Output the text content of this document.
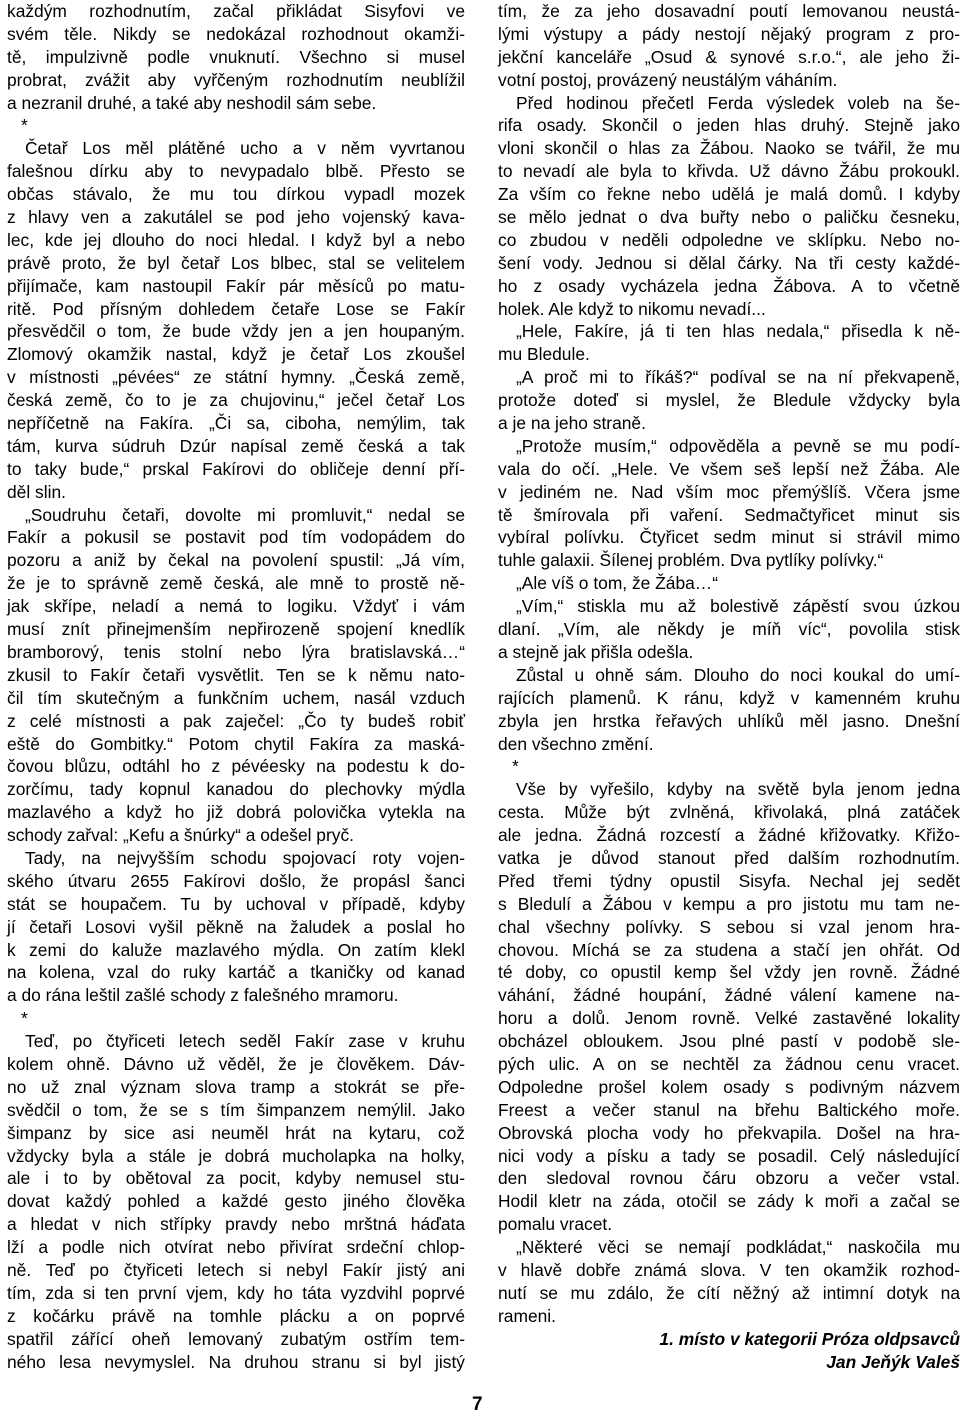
každým rozhodnutím, začal přikládat Sisyfovi ve
svém těle. Nikdy se nedokázal rozhodnout okamži-
tě, impulzivně podle vnuknutí. Všechno si musel
probrat, zvážit aby vyřčeným rozhodnutím neublížil
a nezranil druhé, a také aby neshodil sám sebe.
*
Četař Los měl plátěné ucho a v něm vyvrtanou
falešnou dírku aby to nevypadalo blbě. Přesto se
občas stávalo, že mu tou dírkou vypadl mozek
z hlavy ven a zakutálel se pod jeho vojenský kava-
lec, kde jej dlouho do noci hledal. I když byl a nebo
právě proto, že byl četař Los blbec, stal se velitelem
přijímače, kam nastoupil Fakír pár měsíců po matu-
ritě. Pod přísným dohledem četaře Lose se Fakír
přesvědčil o tom, že bude vždy jen a jen houpaným.
Zlomový okamžik nastal, když je četař Los zkoušel
v místnosti „pévées“ ze státní hymny. „Česká země,
česká země, čo to je za chujovinu,“ ječel četař Los
nepříčetně na Fakíra. „Či sa, ciboha, nemýlim, tak
tám, kurva súdruh Dzúr napísal země česká a tak
to taky bude,“ prskal Fakírovi do obličeje denní pří-
děl slin.
„Soudruhu četaři, dovolte mi promluvit,“ nedal se
Fakír a pokusil se postavit pod tím vodopádem do
pozoru a aniž by čekal na povolení spustil: „Já vím,
že je to správně země česká, ale mně to prostě ně-
jak skřípe, neladí a nemá to logiku. Vždyť i vám
musí znít přinejmenším nepřirozeně spojení knedlík
bramborový, tenis stolní nebo lýra bratislavská…“
zkusil to Fakír četaři vysvětlit. Ten se k němu nato-
čil tím skutečným a funkčním uchem, nasál vzduch
z celé místnosti a pak zaječel: „Čo ty budeš robiť
eště do Gombitky.“ Potom chytil Fakíra za maská-
čovou blůzu, odtáhl ho z pévéesky na podestu k do-
zorčímu, tady kopnul kanadou do plechovky mýdla
mazlavého a když ho již dobrá polovička vytekla na
schody zařval: „Kefu a šnúrky“ a odešel pryč.
Tady, na nejvyšším schodu spojovací roty vojen-
ského útvaru 2655 Fakírovi došlo, že propásl šanci
stát se houpačem. Tu by uchoval v případě, kdyby
jí četaři Losovi vyšil pěkně na žaludek a poslal ho
k zemi do kaluže mazlavého mýdla. On zatím klekl
na kolena, vzal do ruky kartáč a tkaničky od kanad
a do rána leštil zašlé schody z falešného mramoru.
*
Teď, po čtyřiceti letech seděl Fakír zase v kruhu
kolem ohně. Dávno už věděl, že je člověkem. Dáv-
no už znal význam slova tramp a stokrát se pře-
svědčil o tom, že se s tím šimpanzem nemýlil. Jako
šimpanz by sice asi neuměl hrát na kytaru, což
vždycky byla a stále je dobrá mucholapka na holky,
ale i to by obětoval za pocit, kdyby nemusel stu-
dovat každý pohled a každé gesto jiného člověka
a hledat v nich střípky pravdy nebo mrštná háďata
lží a podle nich otvírat nebo přivírat srdeční chlop-
ně. Teď po čtyřiceti letech si nebyl Fakír jistý ani
tím, zda si ten první vjem, kdy ho táta vyzdvihl poprvé
z kočárku právě na tomhle plácku a on poprvé
spatřil zářící oheň lemovaný zubatým ostřím tem-
ného lesa nevymyslel. Na druhou stranu si byl jistý
tím, že za jeho dosavadní poutí lemovanou neustá-
lými výstupy a pády nestojí nějaký program z pro-
jekční kanceláře „Osud & synové s.r.o.“, ale jeho ži-
votní postoj, provázený neustálým váháním.
Před hodinou přečetl Ferda výsledek voleb na še-
rifa osady. Skončil o jeden hlas druhý. Stejně jako
vloni skončil o hlas za Žábou. Naoko se tvářil, že mu
to nevadí ale byla to křivda. Už dávno Žábu prokoukl.
Za vším co řekne nebo udělá je malá domů. I kdyby
se mělo jednat o dva buřty nebo o paličku česneku,
co zbudou v neděli odpoledne ve sklípku. Nebo no-
šení vody. Jednou si dělal čárky. Na tři cesty každé-
ho z osady vycházela jedna Žábova. A to včetně
holek. Ale když to nikomu nevadí...
„Hele, Fakíre, já ti ten hlas nedala,“ přisedla k ně-
mu Bledule.
„A proč mi to říkáš?“ podíval se na ní překvapeně,
protože doteď si myslel, že Bledule vždycky byla
a je na jeho straně.
„Protože musím,“ odpověděla a pevně se mu podí-
vala do očí. „Hele. Ve všem seš lepší než Žába. Ale
v jediném ne. Nad vším moc přemýšlíš. Včera jsme
tě šmírovala při vaření. Sedmačtyřicet minut sis
vybíral polívku. Čtyřicet sedm minut si strávil mimo
tuhle galaxii. Šílenej problém. Dva pytlíky polívky.“
„Ale víš o tom, že Žába…“
„Vím,“ stiskla mu až bolestivě zápěstí svou úzkou
dlaní. „Vím, ale někdy je míň víc“, povolila stisk
a stejně jak přišla odešla.
Zůstal u ohně sám. Dlouho do noci koukal do umí-
rajících plamenů. K ránu, když v kamenném kruhu
zbyla jen hrstka řeřavých uhlíků měl jasno. Dnešní
den všechno změní.
*
Vše by vyřešilo, kdyby na světě byla jenom jedna
cesta. Může být zvlněná, křivolaká, plná zatáček
ale jedna. Žádná rozcestí a žádné křižovatky. Křižo-
vatka je důvod stanout před dalším rozhodnutím.
Před třemi týdny opustil Sisyfa. Nechal jej sedět
s Bledulí a Žábou v kempu a pro jistotu mu tam ne-
chal všechny polívky. S sebou si vzal jenom hra-
chovou. Míchá se za studena a stačí jen ohřát. Od
té doby, co opustil kemp šel vždy jen rovně. Žádné
váhání, žádné houpání, žádné válení kamene na-
horu a dolů. Jenom rovně. Velké zastavěné lokality
obcházel obloukem. Jsou plné pastí v podobě sle-
pých ulic. A on se nechtěl za žádnou cenu vracet.
Odpoledne prošel kolem osady s podivným názvem
Freest a večer stanul na břehu Baltického moře.
Obrovská plocha vody ho překvapila. Došel na hra-
nici vody a písku a tady se posadil. Celý následující
den sledoval rovnou čáru obzoru a večer vstal.
Hodil kletr na záda, otočil se zády k moři a začal se
pomalu vracet.
„Některé věci se nemají podkládat,“ naskočila mu
v hlavě dobře známá slova. V ten okamžik rozhod-
nutí se mu zdálo, že cítí něžný až intimní dotyk na
rameni.
1. místo v kategorii Próza oldpsavců
Jan Jeňýk Valeš
7
